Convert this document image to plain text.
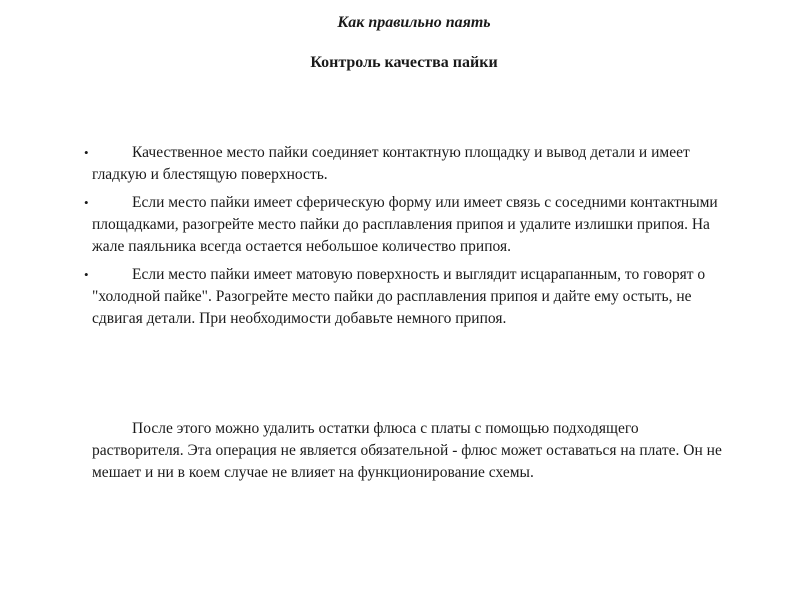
Как правильно паять
Контроль качества пайки
•	Качественное место пайки соединяет контактную площадку и вывод детали и имеет гладкую и блестящую поверхность.
•	Если место пайки имеет сферическую форму или имеет связь с соседними контактными площадками, разогрейте место пайки до расплавления припоя и удалите излишки припоя. На жале паяльника всегда остается небольшое количество припоя.
•	Если место пайки имеет матовую поверхность и выглядит исцарапанным, то говорят о "холодной пайке". Разогрейте место пайки до расплавления припоя и дайте ему остыть, не сдвигая детали. При необходимости добавьте немного припоя.

После этого можно удалить остатки флюса с платы с помощью подходящего растворителя. Эта операция не является обязательной - флюс может оставаться на плате. Он не мешает и ни в коем случае не влияет на функционирование схемы.
